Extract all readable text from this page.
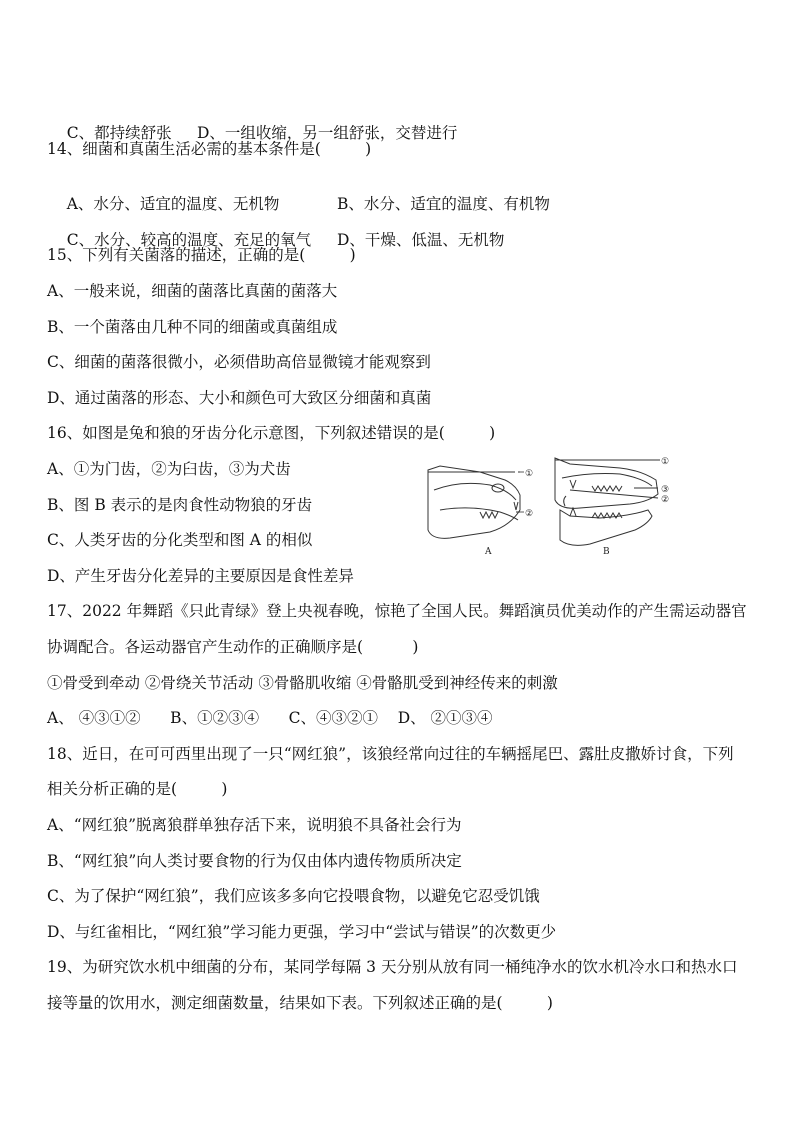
C、都持续舒张 D、一组收缩，另一组舒张，交替进行

14、细菌和真菌生活必需的基本条件是(         )

A、水分、适宜的温度、无机物	B、水分、适宜的温度、有机物

C、水分、较高的温度、充足的氧气 D、干燥、低温、无机物

15、下列有关菌落的描述，正确的是(         )
A、一般来说，细菌的菌落比真菌的菌落大
B、一个菌落由几种不同的细菌或真菌组成
C、细菌的菌落很微小，必须借助高倍显微镜才能观察到
D、通过菌落的形态、大小和颜色可大致区分细菌和真菌
16、如图是兔和狼的牙齿分化示意图，下列叙述错误的是(         )
A、①为门齿，②为臼齿，③为犬齿
B、图 B 表示的是肉食性动物狼的牙齿
C、人类牙齿的分化类型和图 A 的相似
D、产生牙齿分化差异的主要原因是食性差异
①
②
①
③
②
A	B
17、2022 年舞蹈《只此青绿》登上央视春晚，惊艳了全国人民。舞蹈演员优美动作的产生需运动器官
协调配合。各运动器官产生动作的正确顺序是(          )
①骨受到牵动 ②骨绕关节活动 ③骨骼肌收缩 ④骨骼肌受到神经传来的刺激
A、 ④③①②      B、①②③④      C、④③②①    D、 ②①③④
18、近日，在可可西里出现了一只“网红狼”，该狼经常向过往的车辆摇尾巴、露肚皮撒娇讨食，下列
相关分析正确的是(         )
A、“网红狼”脱离狼群单独存活下来，说明狼不具备社会行为
B、“网红狼”向人类讨要食物的行为仅由体内遗传物质所决定
C、为了保护“网红狼”，我们应该多多向它投喂食物，以避免它忍受饥饿
D、与红雀相比，“网红狼”学习能力更强，学习中“尝试与错误”的次数更少
19、为研究饮水机中细菌的分布，某同学每隔 3 天分别从放有同一桶纯净水的饮水机冷水口和热水口
接等量的饮用水，测定细菌数量，结果如下表。下列叙述正确的是(         )
